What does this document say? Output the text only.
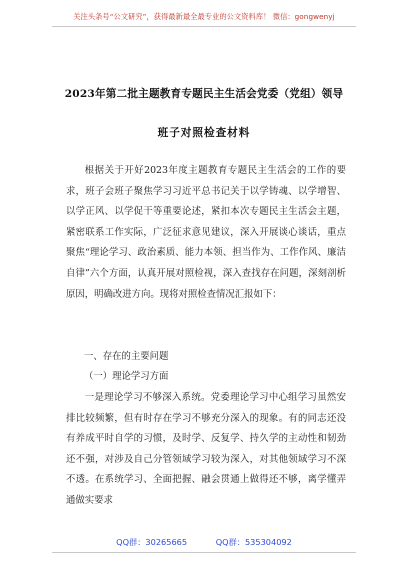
关注头条号“公文研究”，获得最新最全最专业的公文资料库！ 微信：gongwenyj
2023年第二批主题教育专题民主生活会党委（党组）领导
班子对照检查材料
根据关于开好2023年度主题教育专题民主生活会的工作的要求，班子会班子聚焦学习习近平总书记关于以学铸魂、以学增智、以学正风、以学促干等重要论述，紧扣本次专题民主生活会主题，紧密联系工作实际，广泛征求意见建议，深入开展谈心谈话，重点聚焦“理论学习、政治素质、能力本领、担当作为、工作作风、廉洁自律”六个方面，认真开展对照检视，深入查找存在问题，深刻剖析原因，明确改进方向。现将对照检查情况汇报如下：
一、存在的主要问题
（一）理论学习方面
一是理论学习不够深入系统。党委理论学习中心组学习虽然安排比较频繁，但有时存在学习不够充分深入的现象。有的同志还没有养成平时自学的习惯，及时学、反复学、持久学的主动性和韧劲还不强，对涉及自己分管领域学习较为深入，对其他领域学习不深不透。在系统学习、全面把握、融会贯通上做得还不够，离学懂弄通做实要求
QQ群：30265665	QQ群：535304092
